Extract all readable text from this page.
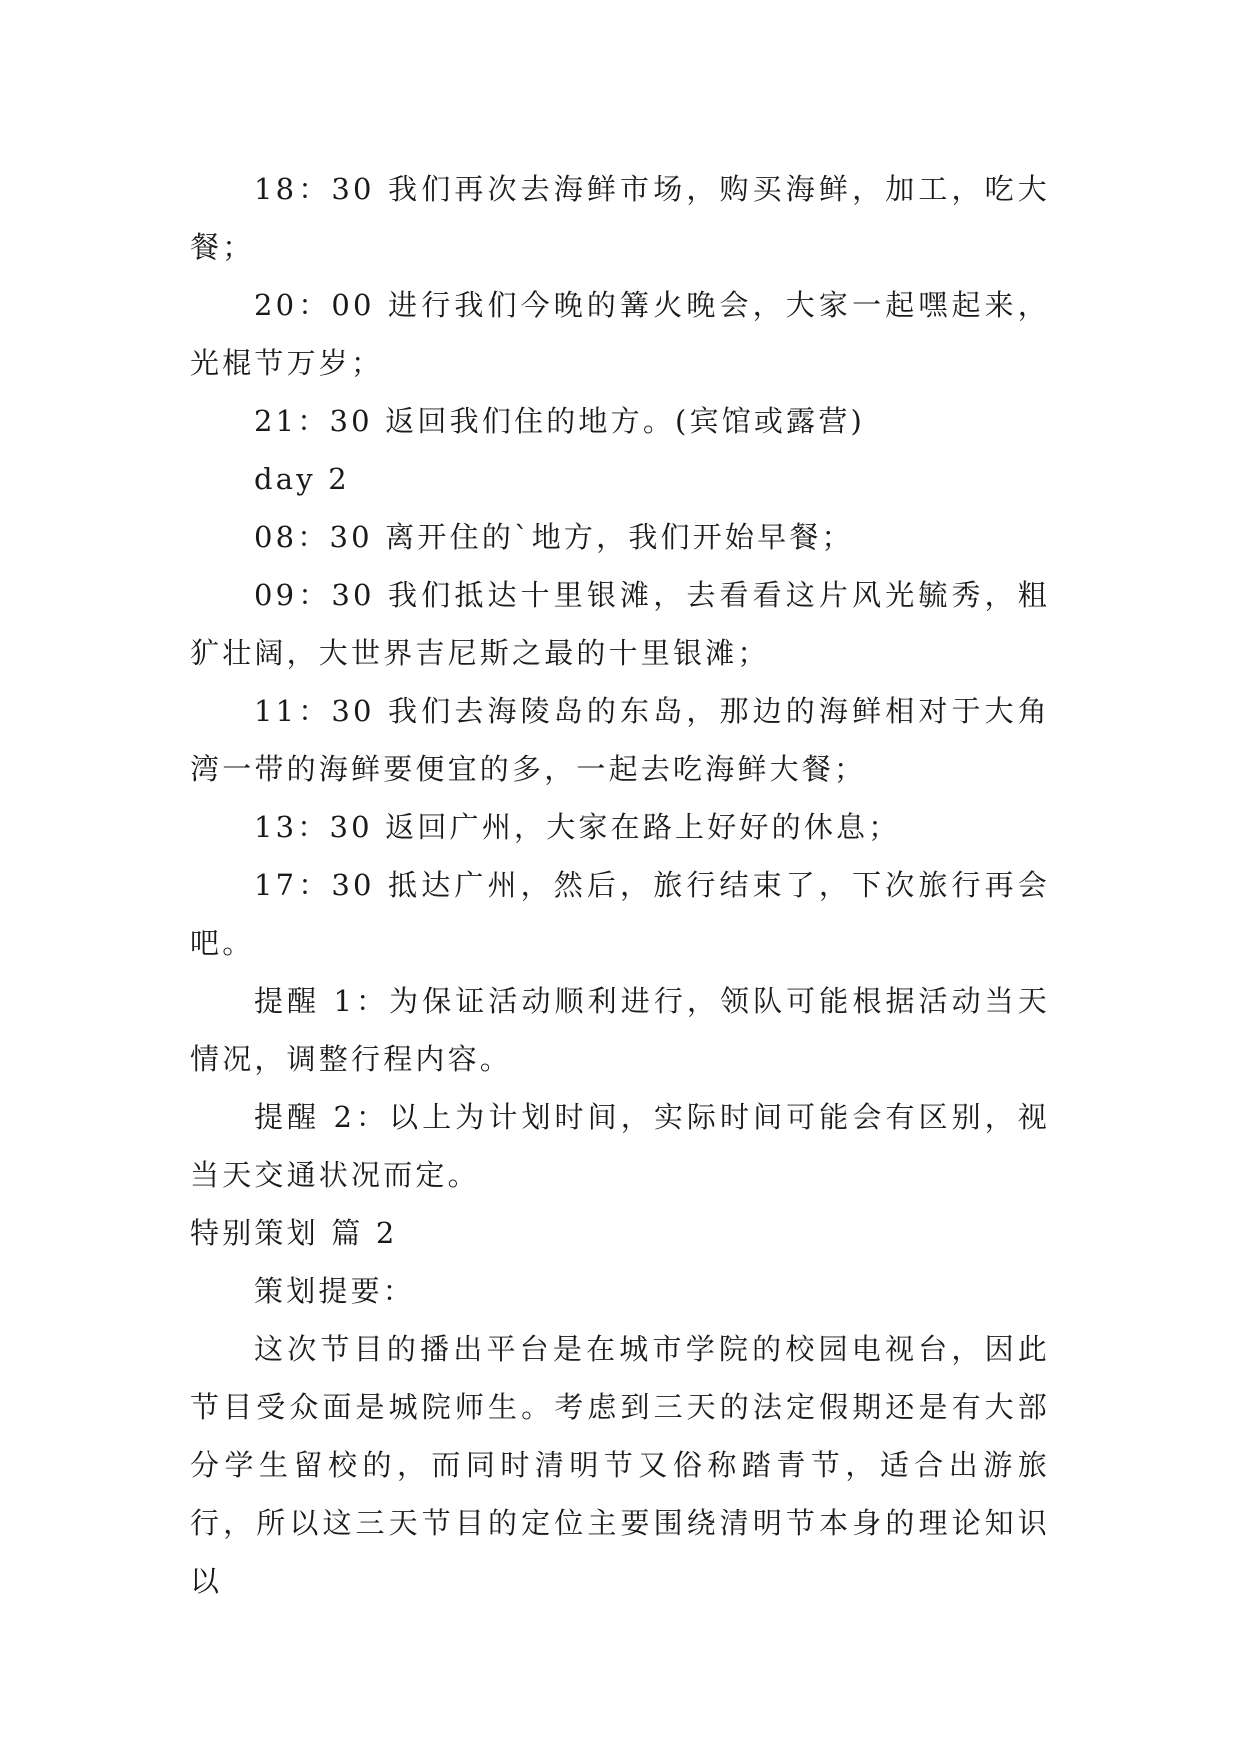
18：30 我们再次去海鲜市场，购买海鲜，加工，吃大餐；

20：00 进行我们今晚的篝火晚会，大家一起嘿起来，光棍节万岁；

21：30 返回我们住的地方。(宾馆或露营)

day 2

08：30 离开住的`地方，我们开始早餐；

09：30 我们抵达十里银滩，去看看这片风光毓秀，粗犷壮阔，大世界吉尼斯之最的十里银滩；

11：30 我们去海陵岛的东岛，那边的海鲜相对于大角湾一带的海鲜要便宜的多，一起去吃海鲜大餐；

13：30 返回广州，大家在路上好好的休息；

17：30 抵达广州，然后，旅行结束了，下次旅行再会吧。

提醒 1：为保证活动顺利进行，领队可能根据活动当天情况，调整行程内容。

提醒 2：以上为计划时间，实际时间可能会有区别，视当天交通状况而定。

特别策划 篇 2

策划提要：

这次节目的播出平台是在城市学院的校园电视台，因此节目受众面是城院师生。考虑到三天的法定假期还是有大部分学生留校的，而同时清明节又俗称踏青节，适合出游旅行，所以这三天节目的定位主要围绕清明节本身的理论知识以
